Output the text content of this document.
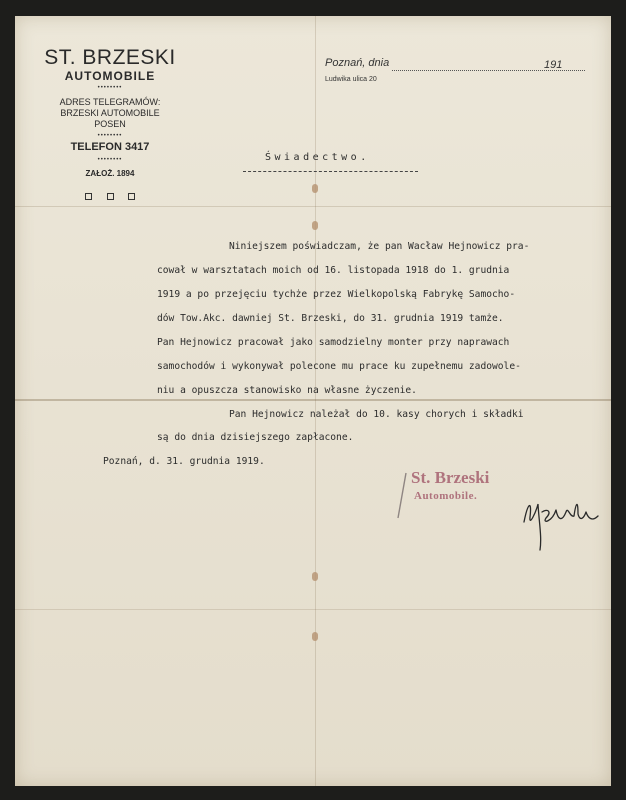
ST. BRZESKI
AUTOMOBILE
••••••••
ADRES TELEGRAMÓW:
BRZESKI AUTOMOBILE
POSEN
••••••••
TELEFON 3417
••••••••
ZAŁOŻ. 1894
Poznań, dnia	191
Ludwika ulica 20
Świadectwo.
Niniejszem poświadczam, że pan Wacław Hejnowicz pra-
cował w warsztatach moich od 16. listopada 1918 do 1. grudnia
1919 a po przejęciu tychże przez Wielkopolską Fabrykę Samocho-
dów Tow.Akc. dawniej St. Brzeski, do 31. grudnia 1919 tamże.
Pan Hejnowicz pracował jako samodzielny monter przy naprawach
samochodów i wykonywał polecone mu prace ku zupełnemu zadowole-
niu a opuszcza stanowisko na własne życzenie.
Pan Hejnowicz należał do 10. kasy chorych i składki
są do dnia dzisiejszego zapłacone.
Poznań, d. 31. grudnia 1919.
St. Brzeski
Automobile.
